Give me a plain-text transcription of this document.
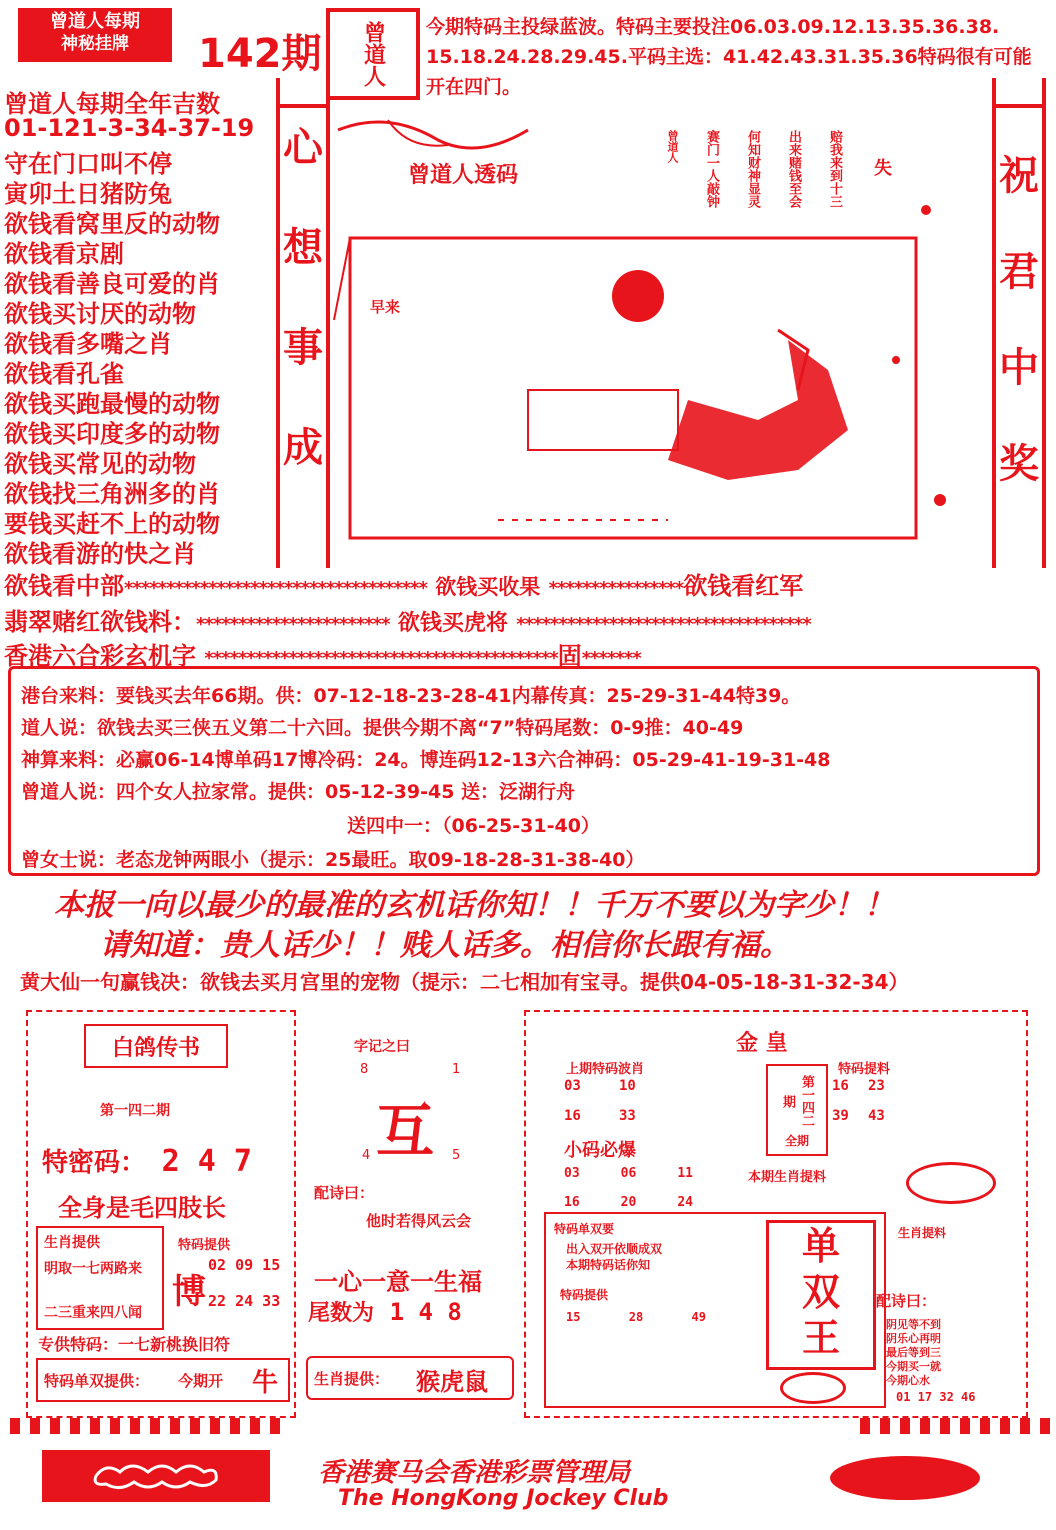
曾道人每期
神秘挂牌	142期 曾道人 今期特码主投绿蓝波。特码主要投注06.03.09.12.13.35.36.38.
15.18.24.28.29.45.平码主选：41.42.43.31.35.36特码很有可能
开在四门。
曾道人每期全年吉数
01-121-3-34-37-19
守在门口叫不停
寅卯土日猪防兔
欲钱看窝里反的动物
欲钱看京剧
欲钱看善良可爱的肖
欲钱买讨厌的动物
欲钱看多嘴之肖
欲钱看孔雀
欲钱买跑最慢的动物
欲钱买印度多的动物
欲钱买常见的动物
欲钱找三角洲多的肖
要钱买赶不上的动物
欲钱看游的快之肖
心
想
事
成
祝
君
中
奖
曾道人透码
早来
赔我来到十三
出来赌钱至会
何知财神显灵
赛门一人敲钟
曾道人
失
欲钱看中部************************************ 欲钱买收果 ****************欲钱看红军
翡翠赌红欲钱料：*********************** 欲钱买虎将 ***********************************
香港六合彩玄机字 ******************************************固*******
港台来料：要钱买去年66期。供：07-12-18-23-28-41内幕传真：25-29-31-44特39。
道人说：欲钱去买三侠五义第二十六回。提供今期不离“7”特码尾数：0-9推：40-49
神算来料：必赢06-14博单码17博冷码：24。博连码12-13六合神码：05-29-41-19-31-48
曾道人说：四个女人拉家常。提供：05-12-39-45 送：泛湖行舟
送四中一：（06-25-31-40）
曾女士说：老态龙钟两眼小（提示：25最旺。取09-18-28-31-38-40）
本报一向以最少的最准的玄机话你知！！千万不要以为字少！！
请知道：贵人话少！！贱人话多。相信你长跟有福。
黄大仙一句赢钱决：欲钱去买月宫里的宠物（提示：二七相加有宝寻。提供04-05-18-31-32-34）
白鸽传书
第一四二期
特密码： 2 4 7
全身是毛四肢长
生肖提供
明取一七两路来
二三重来四八闻
博
特码提供
02 09 15
22 24 33
专供特码：一七新桃换旧符
特码单双提供： 今期开 牛
字记之曰
8	1
互
4	5
配诗曰：
他时若得风云会
一心一意一生福
尾数为 1 4 8
生肖提供： 猴虎鼠
金 皇
上期特码波肖
03	10
16	33	第一四二期
全期
特码提料
16	23
39	43
小码必爆
03	06	11
16	20	24
本期生肖提料
特码单双要
出入双开依顺成双
本期特码话你知
特码提供
15	28	49
单
双
王
生肖提料
配诗曰：
阴见等不到
阴乐心再明
最后等到三
今期买一就
今期心水
01 17 32 46
香港赛马会香港彩票管理局
The HongKong Jockey Club
